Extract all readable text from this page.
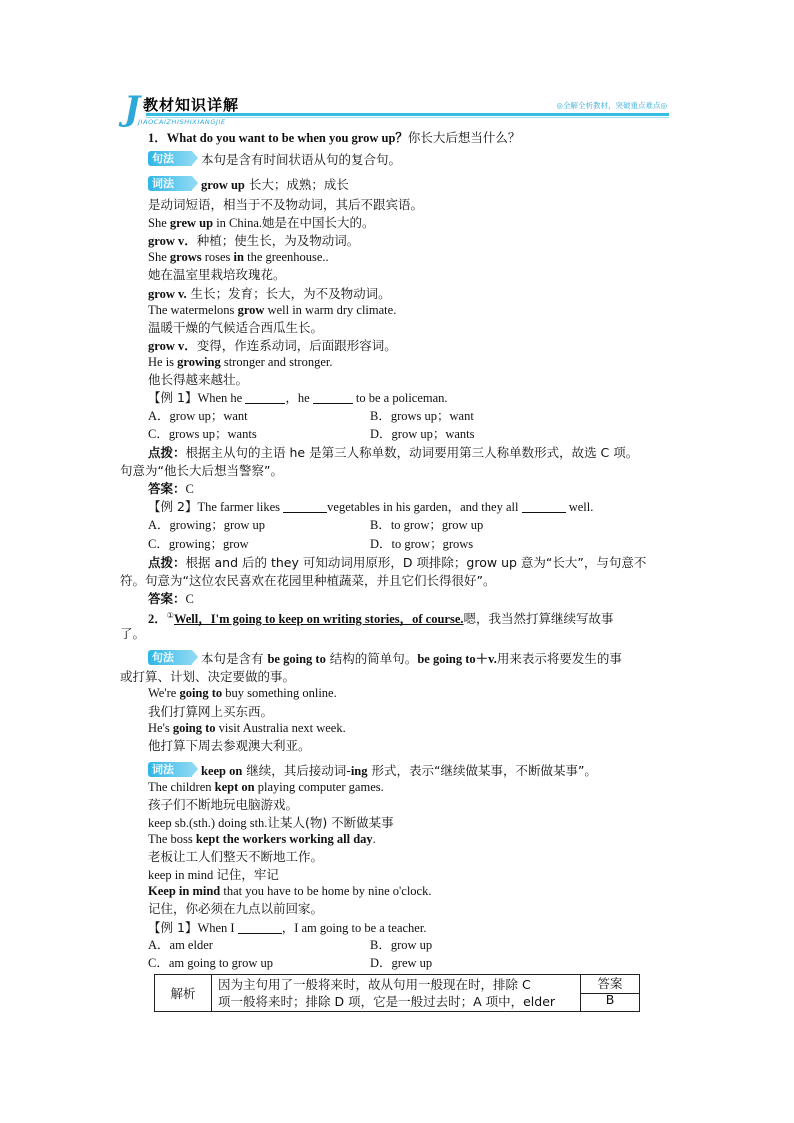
J 教材知识详解
JIAOCAIZHISHIXIANGJIE
◎全解全析教材，突破重点难点◎
1．What do you want to be when you grow up？你长大后想当什么？
句法 本句是含有时间状语从句的复合句。
词法 grow up 长大；成熟；成长
是动词短语，相当于不及物动词，其后不跟宾语。
She grew up in China.她是在中国长大的。
grow v．种植；使生长，为及物动词。
She grows roses in the greenhouse..
她在温室里栽培玫瑰花。
grow v. 生长；发育；长大，为不及物动词。
The watermelons grow well in warm dry climate.
温暖干燥的气候适合西瓜生长。
grow v．变得，作连系动词，后面跟形容词。
He is growing stronger and stronger.
他长得越来越壮。
【例 1】When he	，he	to be a policeman.
A．grow up；want	B．grows up；want
C．grows up；wants	D．grow up；wants
点拨：根据主从句的主语 he 是第三人称单数，动词要用第三人称单数形式，故选 C 项。
句意为“他长大后想当警察”。
答案：C
【例 2】The farmer likes	vegetables in his garden，and they all	well.
A．growing；grow up	B．to grow；grow up
C．growing；grow	D．to grow；grows
点拨：根据 and 后的 they 可知动词用原形，D 项排除；grow up 意为“长大”，与句意不
符。句意为“这位农民喜欢在花园里种植蔬菜，并且它们长得很好”。
答案：C
2．①Well，I'm going to keep on writing stories，of course.嗯，我当然打算继续写故事
了。
句法 本句是含有 be going to 结构的简单句。be going to＋v.用来表示将要发生的事
或打算、计划、决定要做的事。
We're going to buy something online.
我们打算网上买东西。
He's going to visit Australia next week.
他打算下周去参观澳大利亚。
词法 keep on 继续，其后接动词-ing 形式，表示“继续做某事，不断做某事”。
The children kept on playing computer games.
孩子们不断地玩电脑游戏。
keep sb.(sth.) doing sth.让某人(物) 不断做某事
The boss kept the workers working all day.
老板让工人们整天不断地工作。
keep in mind 记住，牢记
Keep in mind that you have to be home by nine o'clock.
记住，你必须在九点以前回家。
【例 1】When I	，I am going to be a teacher.
A．am elder	B．grow up
C．am going to grow up	D．grew up
解析	
因为主句用了一般将来时，故从句用一般现在时，排除 C
项一般将来时；排除 D 项，它是一般过去时；A 项中，elder
	答案
B
